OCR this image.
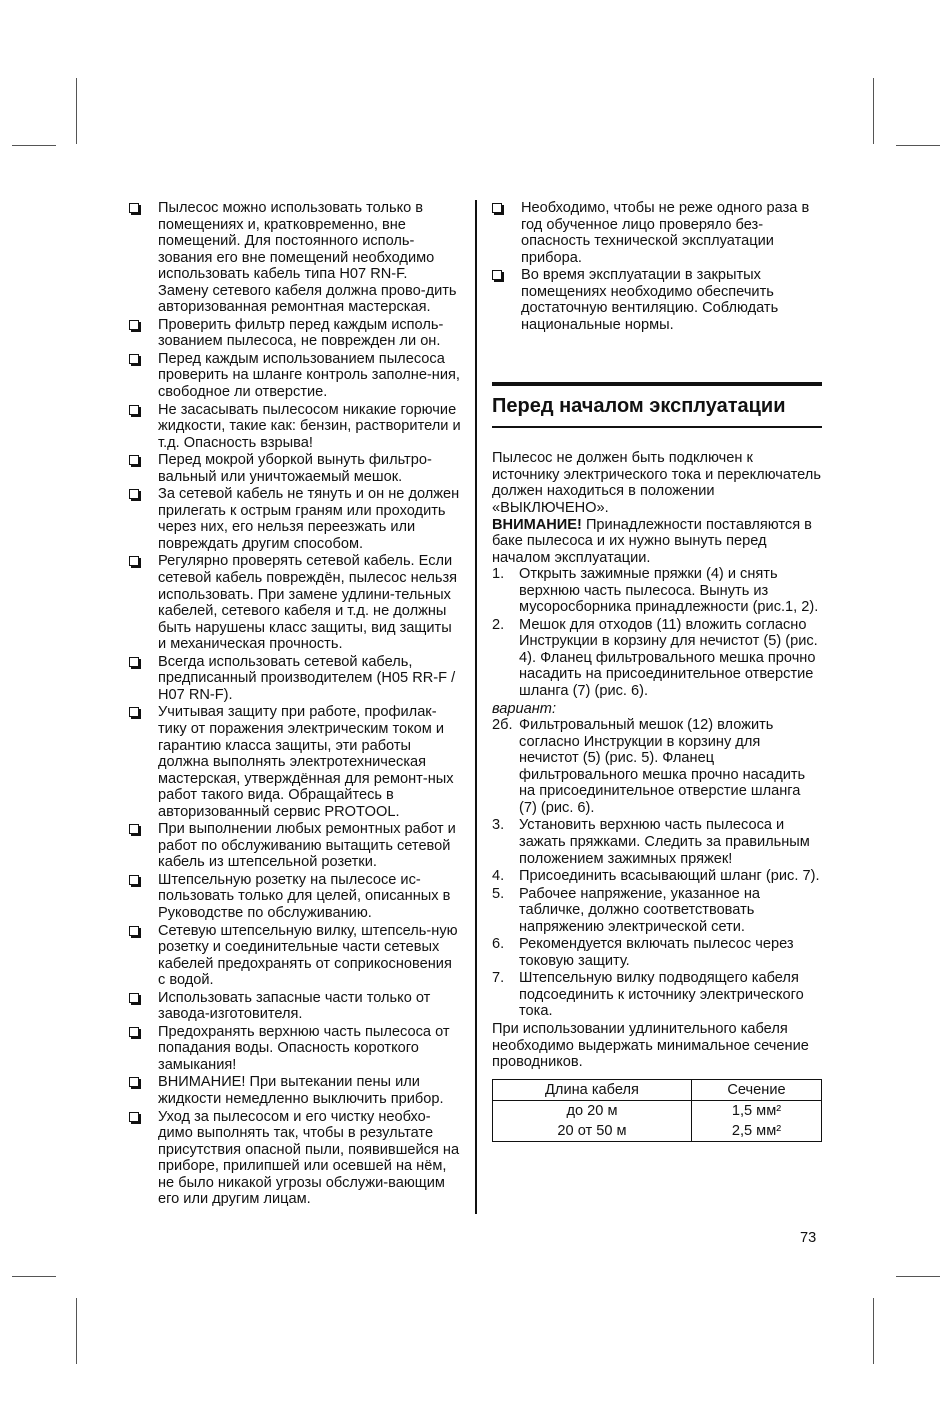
Пылесос можно использовать только в помещениях и, кратковременно, вне помещений. Для постоянного исполь-зования его вне помещений необходимо использовать кабель типа H07 RN-F. Замену сетевого кабеля должна прово-дить авторизованная ремонтная мастерская.
Проверить фильтр перед каждым исполь-зованием пылесоса, не поврежден ли он.
Перед каждым использованием пылесоса проверить на шланге контроль заполне-ния, свободное ли отверстие.
Не засасывать пылесосом никакие горючие жидкости, такие как: бензин, растворители и т.д. Опасность взрыва!
Перед мокрой уборкой вынуть фильтро-вальный или уничтожаемый мешок.
За сетевой кабель не тянуть и он не должен прилегать к острым граням или проходить через них, его нельзя переезжать или повреждать другим способом.
Регулярно проверять сетевой кабель. Если сетевой кабель повреждён, пылесос нельзя использовать. При замене удлини-тельных кабелей, сетевого кабеля и т.д. не должны быть нарушены класс защиты, вид защиты и механическая прочность.
Всегда использовать сетевой кабель, предписанный производителем (H05 RR-F / H07 RN-F).
Учитывая защиту при работе, профилак-тику от поражения электрическим током и гарантию класса защиты, эти работы должна выполнять электротехническая мастерская, утверждённая для ремонт-ных работ такого вида. Обращайтесь в авторизованный сервис PROTOOL.
При выполнении любых ремонтных работ и работ по обслуживанию вытащить сетевой кабель из штепсельной розетки.
Штепсельную розетку на пылесосе ис-пользовать только для целей, описанных в Руководстве по обслуживанию.
Сетевую штепсельную вилку, штепсель-ную розетку и соединительные части сетевых кабелей предохранять от соприкосновения с водой.
Использовать запасные части только от завода-изготовителя.
Предохранять верхнюю часть пылесоса от попадания воды. Опасность короткого замыкания!
ВНИМАНИЕ! При вытекании пены или жидкости немедленно выключить прибор.
Уход за пылесосом и его чистку необхо-димо выполнять так, чтобы в результате присутствия опасной пыли, появившейся на приборе, прилипшей или осевшей на нём, не было никакой угрозы обслужи-вающим его или другим лицам.
Необходимо, чтобы не реже одного раза в год обученное лицо проверяло без-опасность технической эксплуатации прибора.
Во время эксплуатации в закрытых помещениях необходимо обеспечить достаточную вентиляцию. Соблюдать национальные нормы.
Перед началом эксплуатации

Пылесос не должен быть подключен к источнику электрического тока и переключатель должен находиться в положении «ВЫКЛЮЧЕНО».

ВНИМАНИЕ! Принадлежности поставляются в баке пылесоса и их нужно вынуть перед началом эксплуатации.

1. Открыть зажимные пряжки (4) и снять верхнюю часть пылесоса. Вынуть из мусоросборника принадлежности (рис.1, 2).
2. Мешок для отходов (11) вложить согласно Инструкции в корзину для нечистот (5) (рис. 4). Фланец фильтровального мешка прочно насадить на присоединительное отверстие шланга (7) (рис. 6).
вариант:
2б. Фильтровальный мешок (12) вложить согласно Инструкции в корзину для нечистот (5) (рис. 5). Фланец фильтровального мешка прочно насадить на присоединительное отверстие шланга (7) (рис. 6).
3. Установить верхнюю часть пылесоса и зажать пряжками. Следить за правильным положением зажимных пряжек!
4. Присоединить всасывающий шланг (рис. 7).
5. Рабочее напряжение, указанное на табличке, должно соответствовать напряжению электрической сети.
6. Рекомендуется включать пылесос через токовую защиту.
7. Штепсельную вилку подводящего кабеля подсоединить к источнику электрического тока.

При использовании удлинительного кабеля необходимо выдержать минимальное сечение проводников.

Длина кабеля	Сечение
до 20 м	1,5 мм²
20 от 50 м	2,5 мм²
73
